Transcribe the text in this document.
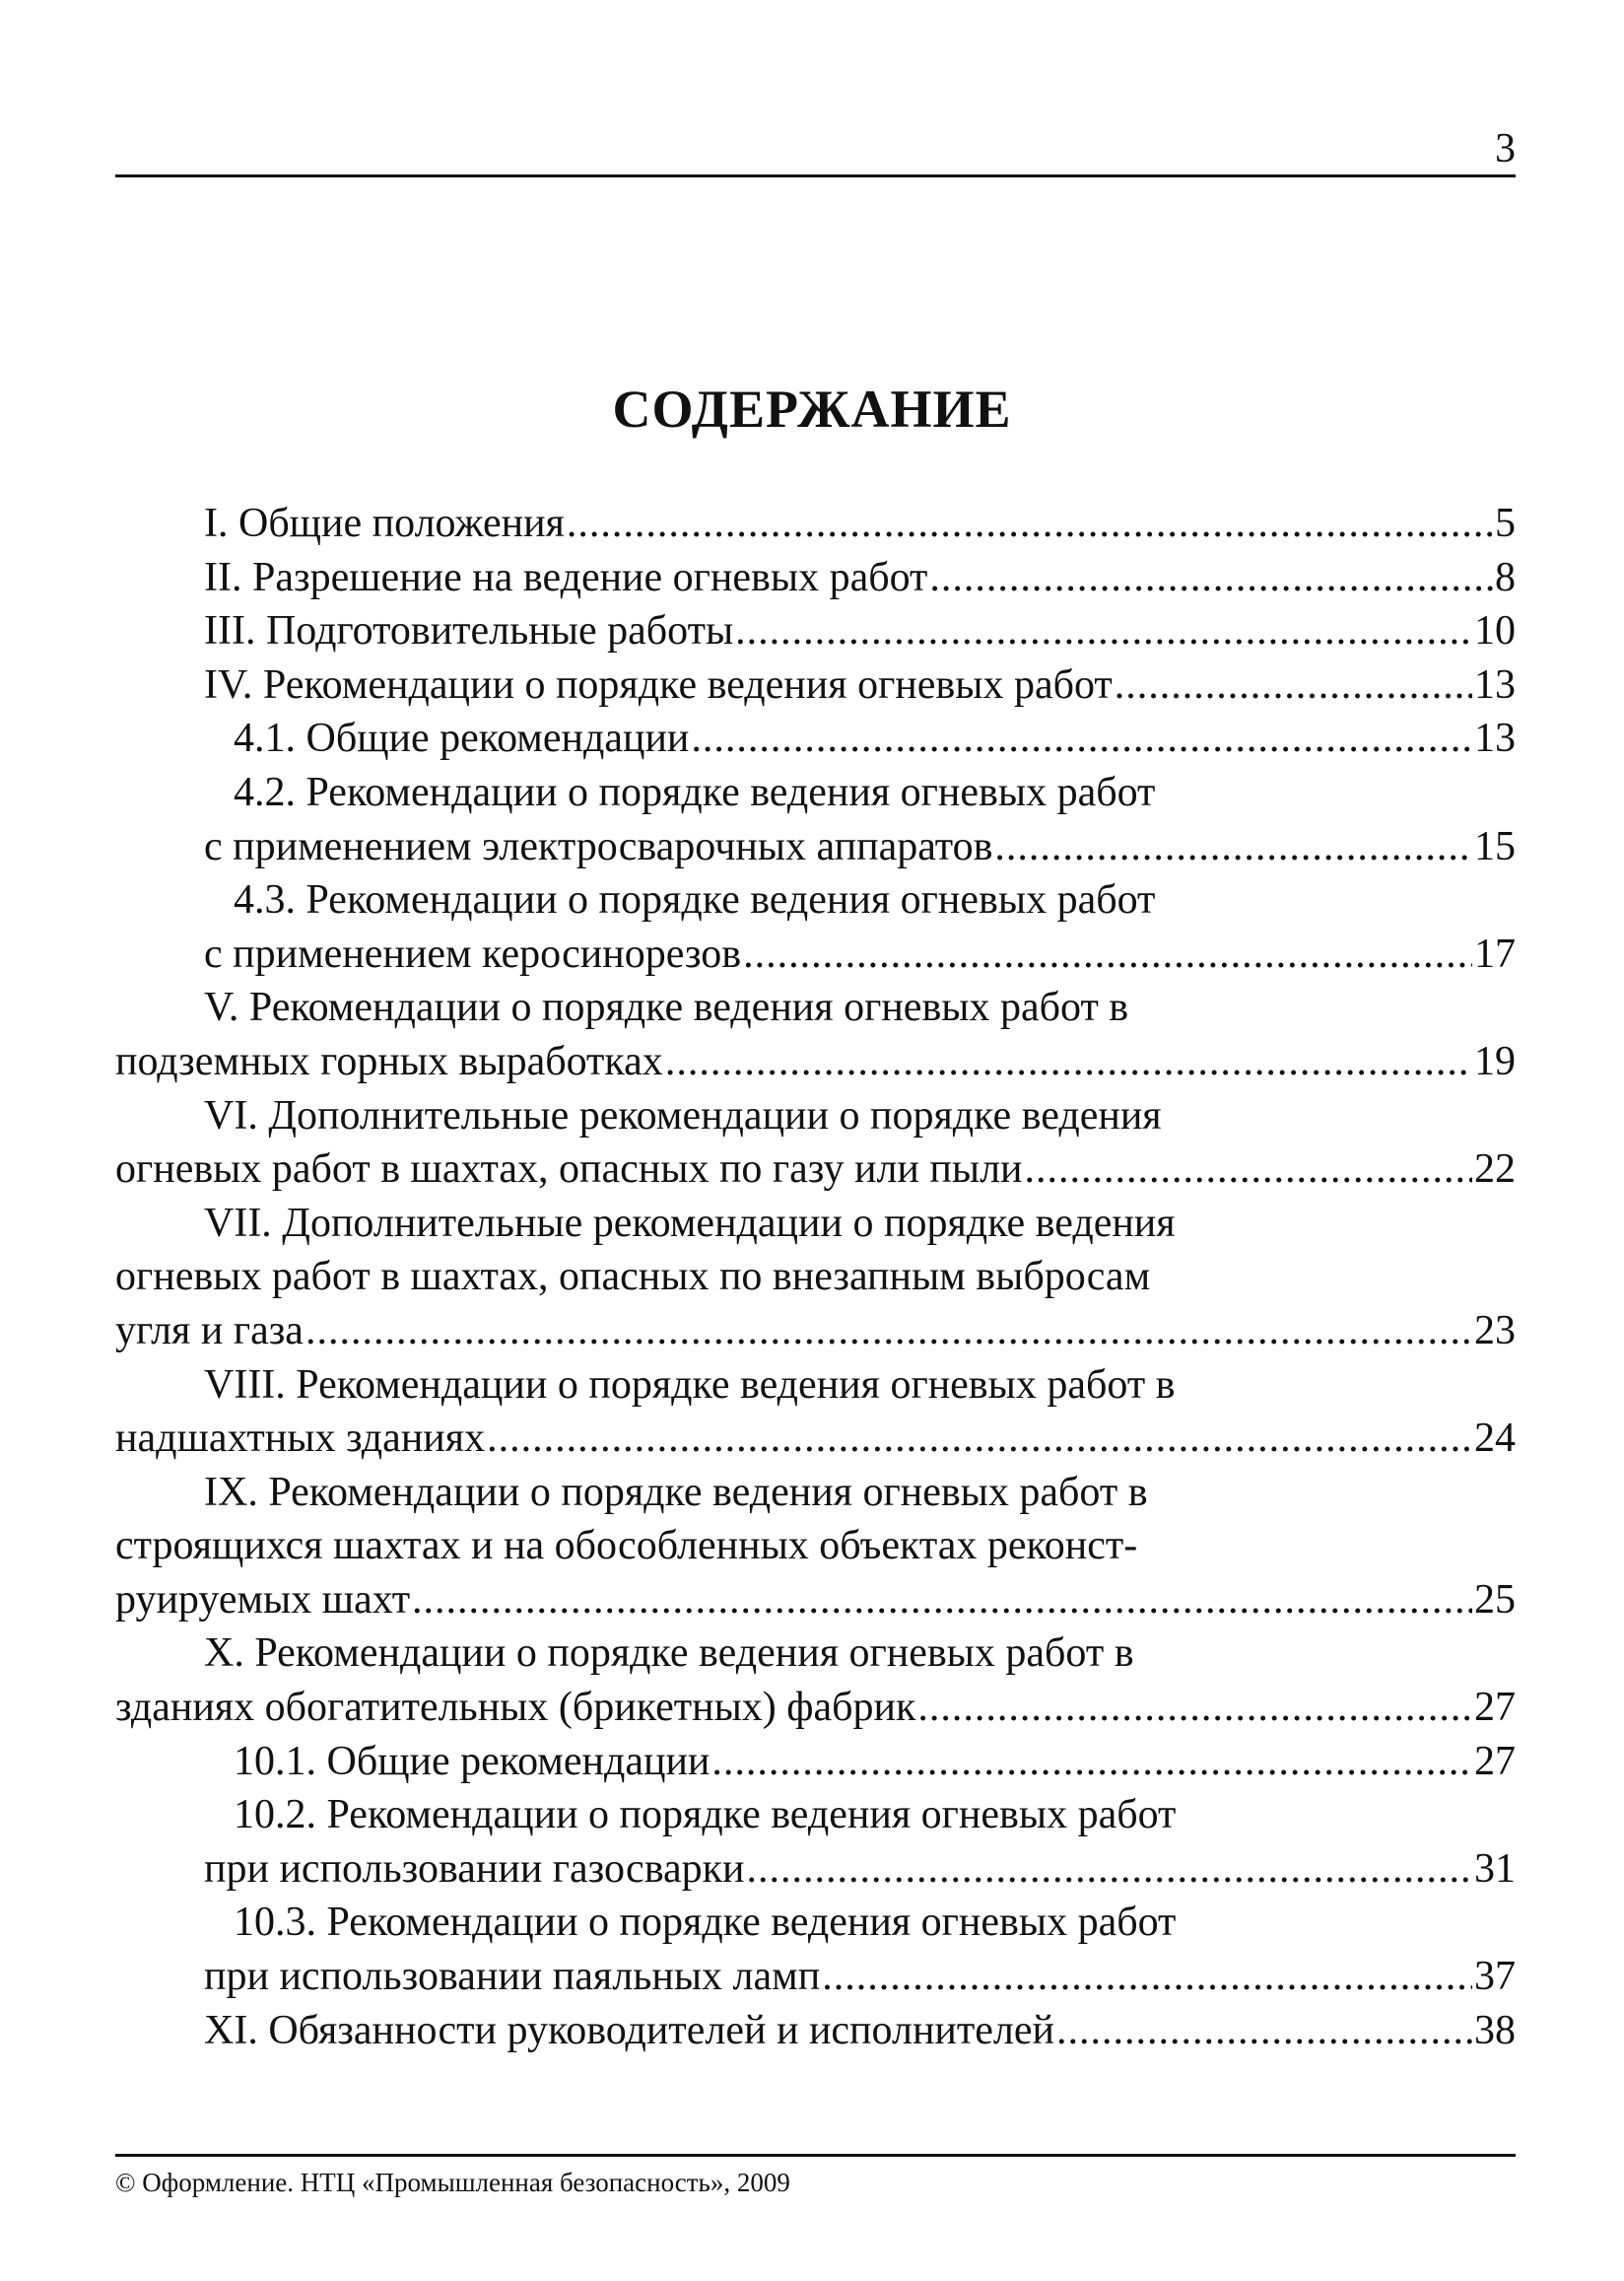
3
СОДЕРЖАНИЕ
I. Общие положения .....	5
II. Разрешение на ведение огневых работ .....	8
III. Подготовительные работы .....	10
IV. Рекомендации о порядке ведения огневых работ .....	13
4.1. Общие рекомендации .....	13
4.2. Рекомендации о порядке ведения огневых работ
с применением электросварочных аппаратов .....	15
4.3. Рекомендации о порядке ведения огневых работ
с применением керосинорезов .....	17
V. Рекомендации о порядке ведения огневых работ в
подземных горных выработках .....	19
VI. Дополнительные рекомендации о порядке ведения
огневых работ в шахтах, опасных по газу или пыли .....	22
VII. Дополнительные рекомендации о порядке ведения
огневых работ в шахтах, опасных по внезапным выбросам
угля и газа .....	23
VIII. Рекомендации о порядке ведения огневых работ в
надшахтных зданиях .....	24
IX. Рекомендации о порядке ведения огневых работ в
строящихся шахтах и на обособленных объектах реконст-
руируемых шахт .....	25
X. Рекомендации о порядке ведения огневых работ в
зданиях обогатительных (брикетных) фабрик .....	27
10.1. Общие рекомендации .....	27
10.2. Рекомендации о порядке ведения огневых работ
при использовании газосварки .....	31
10.3. Рекомендации о порядке ведения огневых работ
при использовании паяльных ламп .....	37
XI. Обязанности руководителей и исполнителей .....	38
© Оформление. НТЦ «Промышленная безопасность», 2009
